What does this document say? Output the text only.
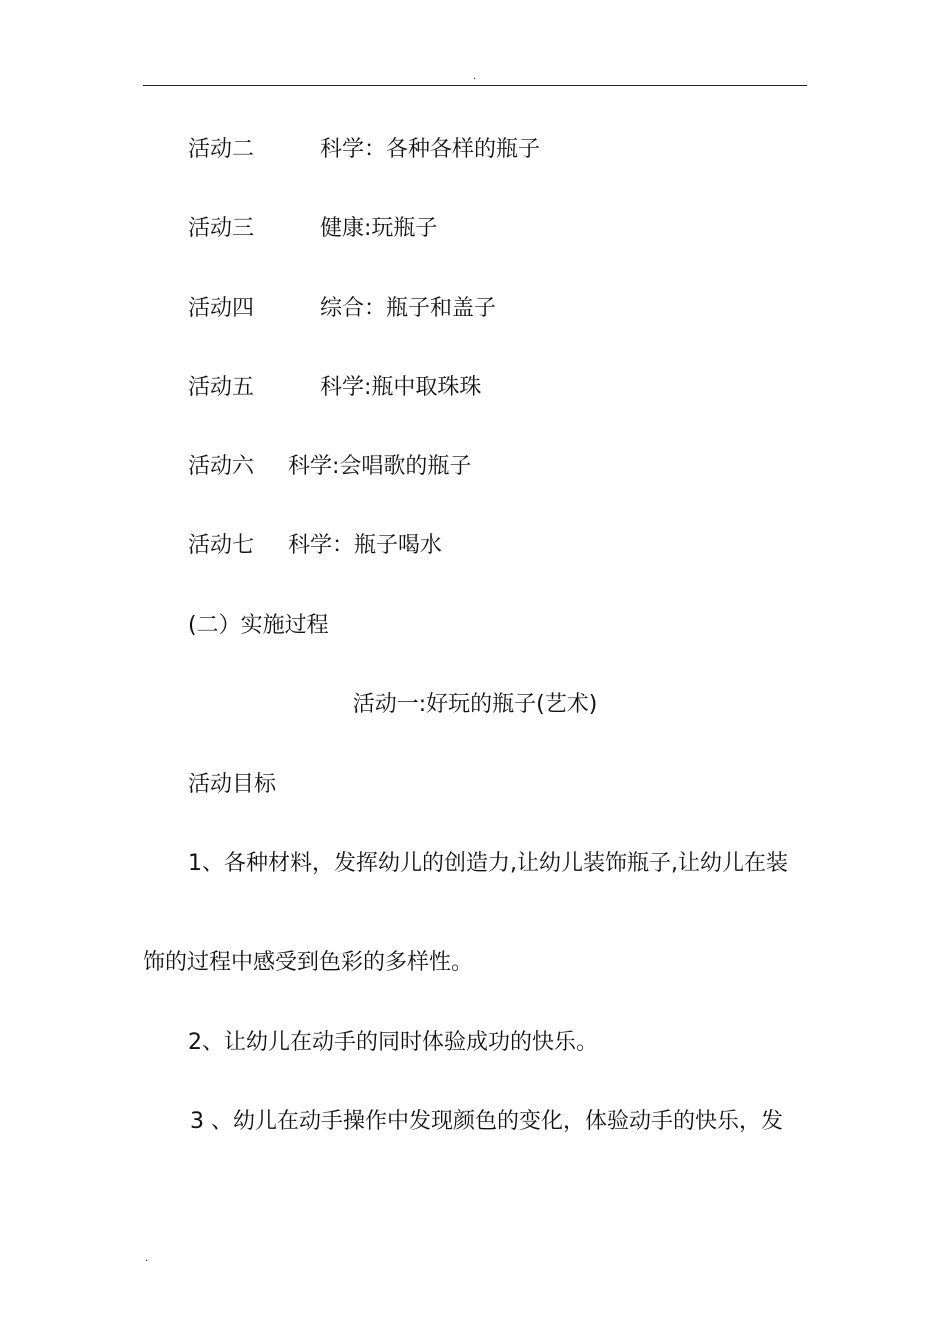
.
活动二	科学：各种各样的瓶子
活动三	健康:玩瓶子
活动四	综合：瓶子和盖子
活动五	科学:瓶中取珠珠
活动六 科学:会唱歌的瓶子
活动七 科学：瓶子喝水

(二）实施过程

活动一:好玩的瓶子(艺术)

活动目标

1、各种材料，发挥幼儿的创造力,让幼儿装饰瓶子,让幼儿在装

饰的过程中感受到色彩的多样性。

2、让幼儿在动手的同时体验成功的快乐。

3 、幼儿在动手操作中发现颜色的变化，体验动手的快乐，发

.
